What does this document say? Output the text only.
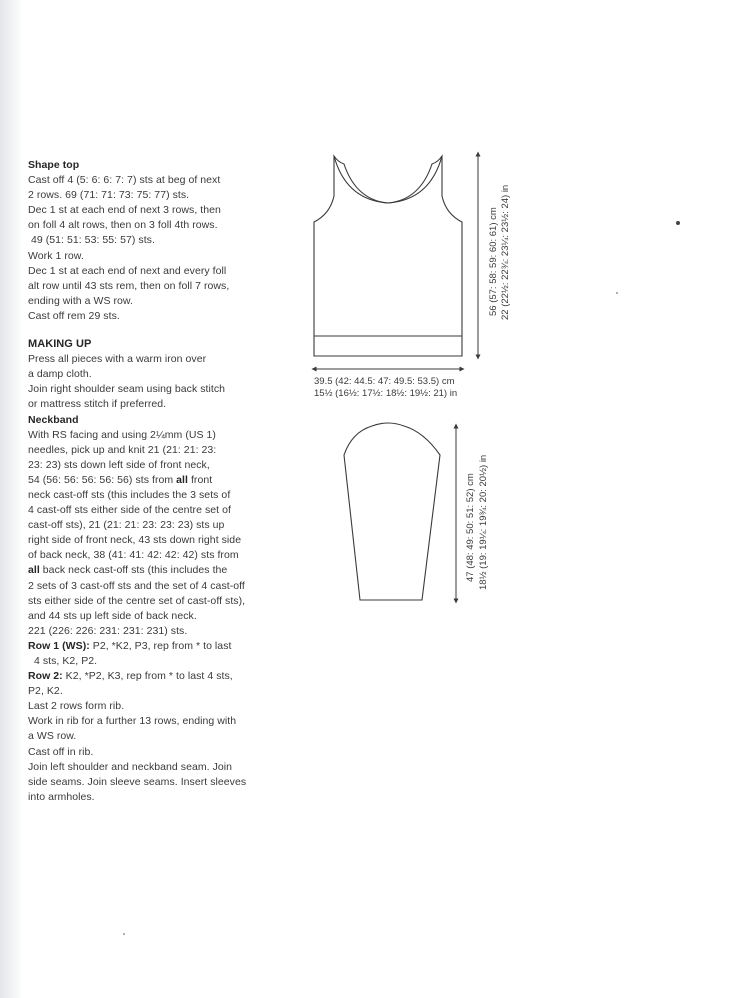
Shape top

Cast off 4 (5: 6: 6: 7: 7) sts at beg of next

2 rows. 69 (71: 71: 73: 75: 77) sts.

Dec 1 st at each end of next 3 rows, then

on foll 4 alt rows, then on 3 foll 4th rows.

49 (51: 51: 53: 55: 57) sts.

Work 1 row.

Dec 1 st at each end of next and every foll

alt row until 43 sts rem, then on foll 7 rows,

ending with a WS row.

Cast off rem 29 sts.

MAKING UP

Press all pieces with a warm iron over

a damp cloth.

Join right shoulder seam using back stitch

or mattress stitch if preferred.

Neckband

With RS facing and using 2¼mm (US 1)

needles, pick up and knit 21 (21: 21: 23:

23: 23) sts down left side of front neck,

54 (56: 56: 56: 56: 56) sts from all front

neck cast-off sts (this includes the 3 sets of

4 cast-off sts either side of the centre set of

cast-off sts), 21 (21: 21: 23: 23: 23) sts up

right side of front neck, 43 sts down right side

of back neck, 38 (41: 41: 42: 42: 42) sts from

all back neck cast-off sts (this includes the

2 sets of 3 cast-off sts and the set of 4 cast-off

sts either side of the centre set of cast-off sts),

and 44 sts up left side of back neck.

221 (226: 226: 231: 231: 231) sts.

Row 1 (WS): P2, *K2, P3, rep from * to last

4 sts, K2, P2.

Row 2: K2, *P2, K3, rep from * to last 4 sts,

P2, K2.

Last 2 rows form rib.

Work in rib for a further 13 rows, ending with

a WS row.

Cast off in rib.

Join left shoulder and neckband seam. Join

side seams. Join sleeve seams. Insert sleeves

into armholes.

39.5 (42: 44.5: 47: 49.5: 53.5) cm
15½ (16½: 17½: 18½: 19½: 21) in
56 (57: 58: 59: 60: 61) cm 22 (22½: 22¾: 23¼: 23½: 24) in
47 (48: 49: 50: 51: 52) cm 18½ (19: 19¼: 19¾: 20: 20½) in
